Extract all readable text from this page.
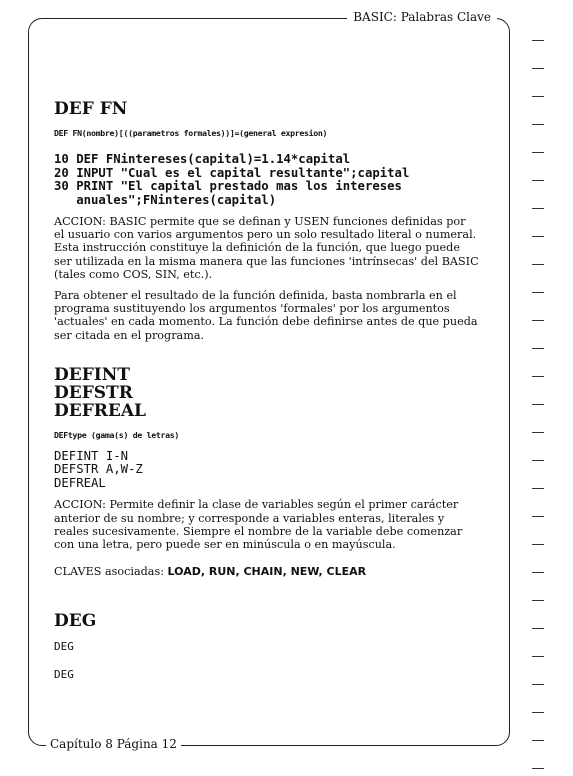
BASIC: Palabras Clave
Capítulo 8 Página 12
DEF FN
DEF FN(nombre)[((parametros formales))]=(general expresion)
10 DEF FNintereses(capital)=1.14*capital
20 INPUT "Cual es el capital resultante";capital
30 PRINT "El capital prestado mas los intereses
anuales";FNinteres(capital)
ACCION: BASIC permite que se definan y USEN funciones definidas por
el usuario con varios argumentos pero un solo resultado literal o numeral.
Esta instrucción constituye la definición de la función, que luego puede
ser utilizada en la misma manera que las funciones 'intrínsecas' del BASIC
(tales como COS, SIN, etc.).
Para obtener el resultado de la función definida, basta nombrarla en el
programa sustituyendo los argumentos 'formales' por los argumentos
'actuales' en cada momento. La función debe definirse antes de que pueda
ser citada en el programa.
DEFINT
DEFSTR
DEFREAL
DEFtype (gama(s) de letras)
DEFINT I-N
DEFSTR A,W-Z
DEFREAL
ACCION: Permite definir la clase de variables según el primer carácter
anterior de su nombre; y corresponde a variables enteras, literales y
reales sucesivamente. Siempre el nombre de la variable debe comenzar
con una letra, pero puede ser en minúscula o en mayúscula.
CLAVES asociadas: LOAD, RUN, CHAIN, NEW, CLEAR
DEG
DEG
DEG
